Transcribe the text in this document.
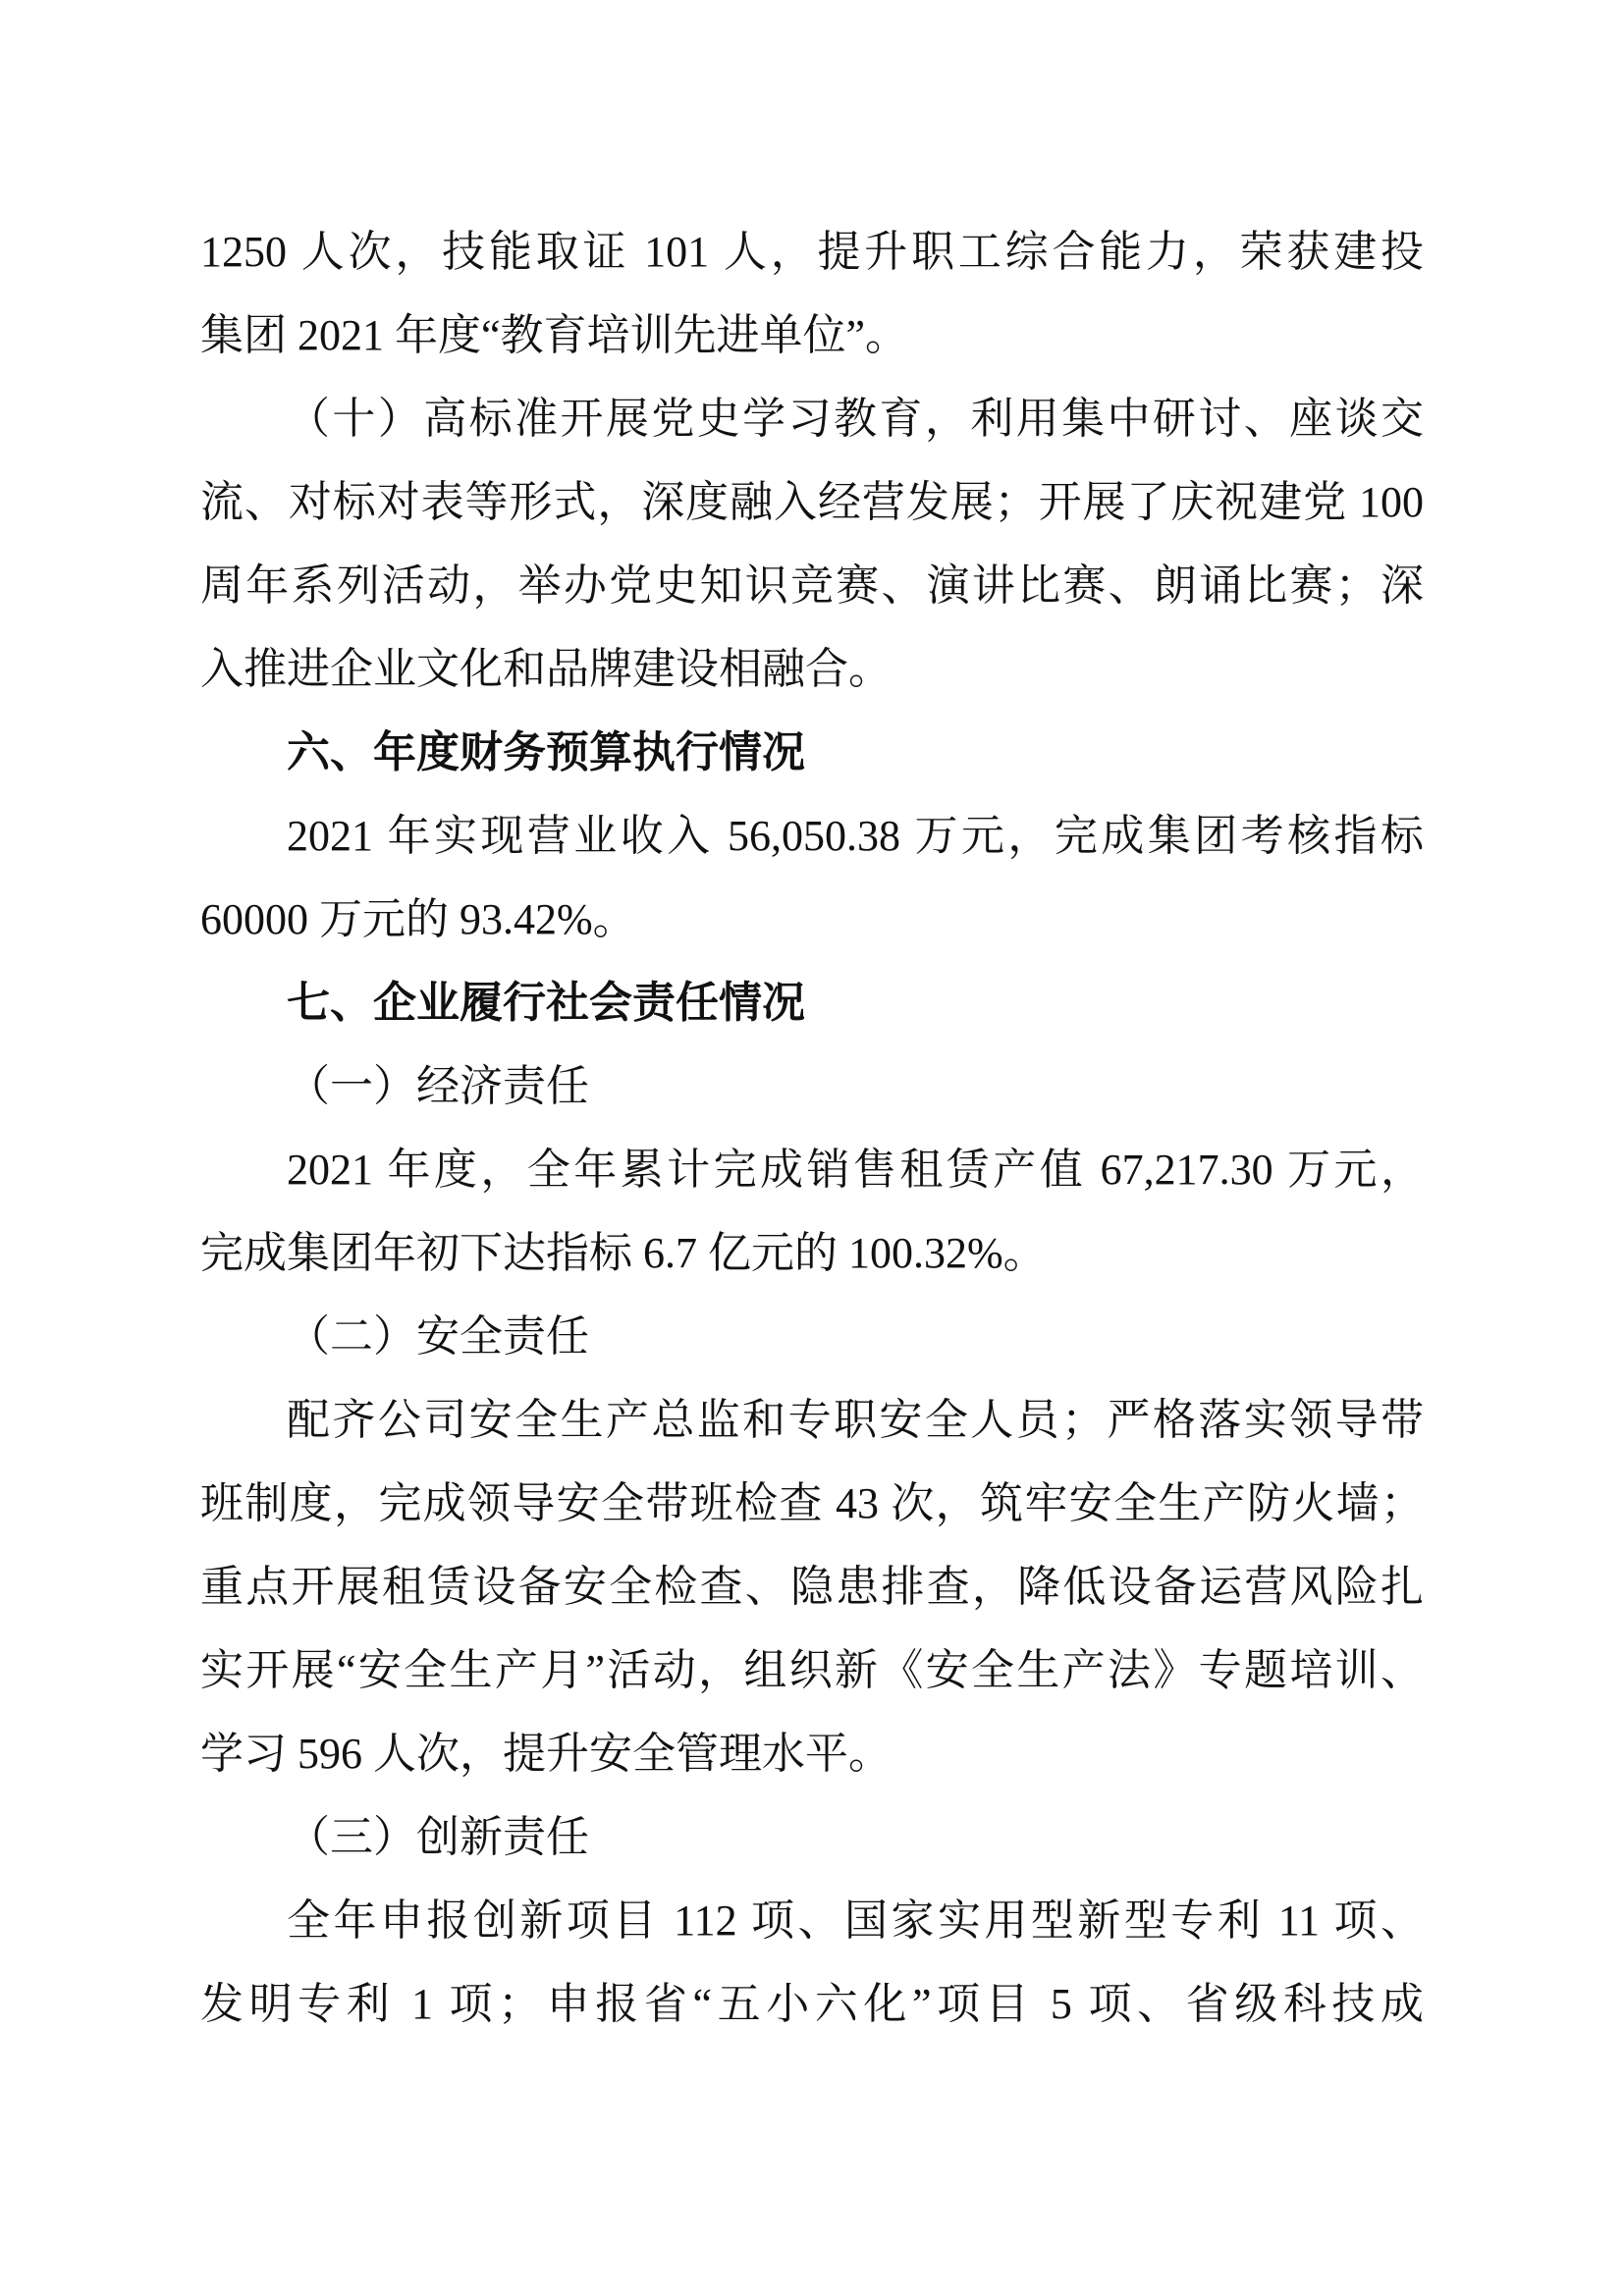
1250 人次，技能取证 101 人，提升职工综合能力，荣获建投
集团 2021 年度“教育培训先进单位”。
（十）高标准开展党史学习教育，利用集中研讨、座谈交
流、对标对表等形式，深度融入经营发展；开展了庆祝建党 100
周年系列活动，举办党史知识竞赛、演讲比赛、朗诵比赛；深
入推进企业文化和品牌建设相融合。
六、年度财务预算执行情况
2021 年实现营业收入 56,050.38 万元，完成集团考核指标
60000 万元的 93.42%。
七、企业履行社会责任情况
（一）经济责任
2021 年度，全年累计完成销售租赁产值 67,217.30 万元，
完成集团年初下达指标 6.7 亿元的 100.32%。
（二）安全责任
配齐公司安全生产总监和专职安全人员；严格落实领导带
班制度，完成领导安全带班检查 43 次，筑牢安全生产防火墙；
重点开展租赁设备安全检查、隐患排查，降低设备运营风险扎
实开展“安全生产月”活动，组织新《安全生产法》专题培训、
学习 596 人次，提升安全管理水平。
（三）创新责任
全年申报创新项目 112 项、国家实用型新型专利 11 项、
发明专利 1 项；申报省“五小六化”项目 5 项、省级科技成
